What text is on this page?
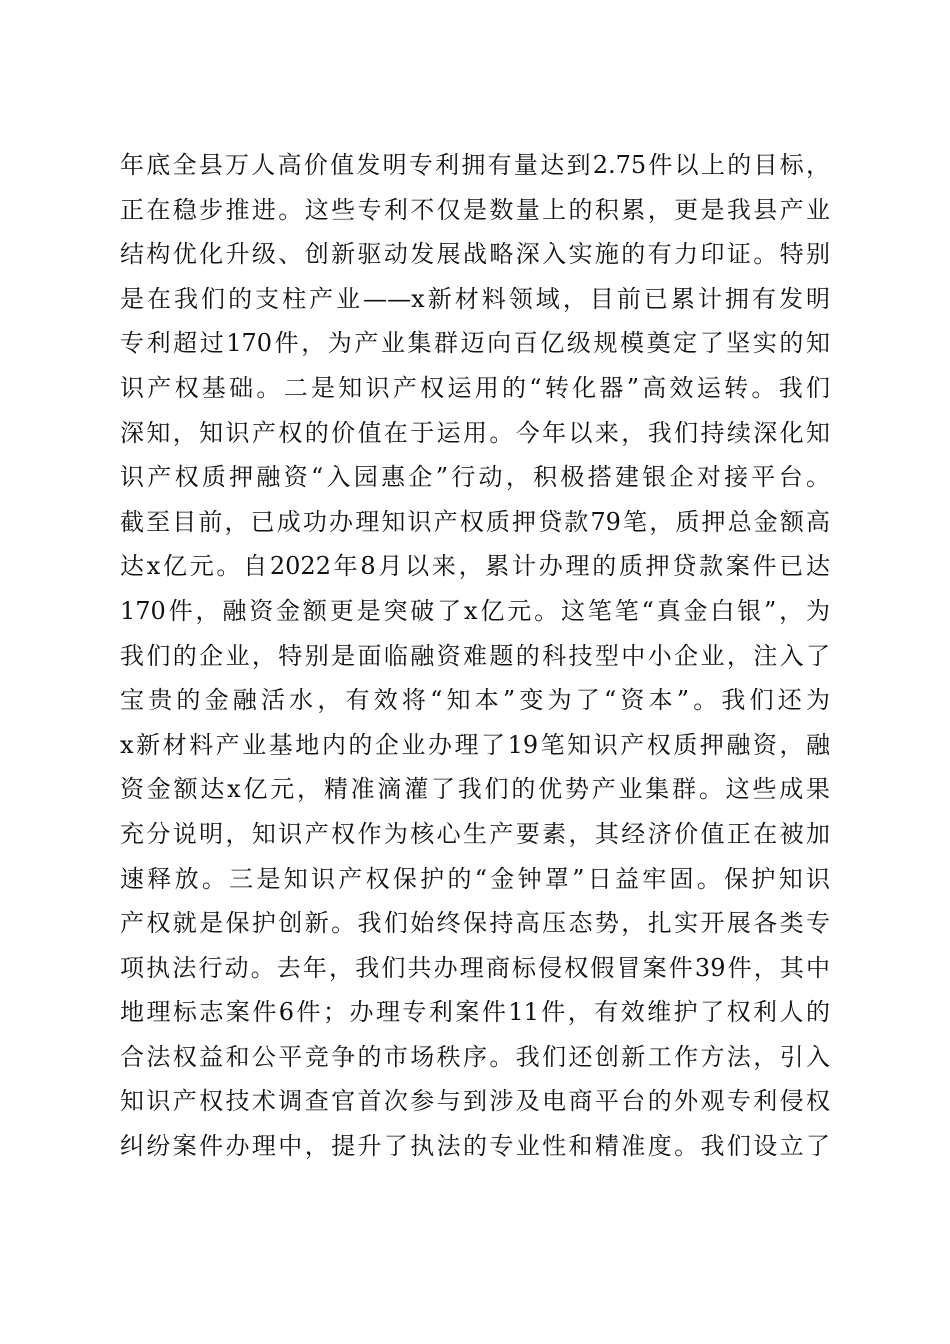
年底全县万人高价值发明专利拥有量达到2.75件以上的目标，
正在稳步推进。这些专利不仅是数量上的积累，更是我县产业
结构优化升级、创新驱动发展战略深入实施的有力印证。特别
是在我们的支柱产业——x新材料领域，目前已累计拥有发明
专利超过170件，为产业集群迈向百亿级规模奠定了坚实的知
识产权基础。二是知识产权运用的“转化器”高效运转。我们
深知，知识产权的价值在于运用。今年以来，我们持续深化知
识产权质押融资“入园惠企”行动，积极搭建银企对接平台。
截至目前，已成功办理知识产权质押贷款79笔，质押总金额高
达x亿元。自2022年8月以来，累计办理的质押贷款案件已达
170件，融资金额更是突破了x亿元。这笔笔“真金白银”，为
我们的企业，特别是面临融资难题的科技型中小企业，注入了
宝贵的金融活水，有效将“知本”变为了“资本”。我们还为
x新材料产业基地内的企业办理了19笔知识产权质押融资，融
资金额达x亿元，精准滴灌了我们的优势产业集群。这些成果
充分说明，知识产权作为核心生产要素，其经济价值正在被加
速释放。三是知识产权保护的“金钟罩”日益牢固。保护知识
产权就是保护创新。我们始终保持高压态势，扎实开展各类专
项执法行动。去年，我们共办理商标侵权假冒案件39件，其中
地理标志案件6件；办理专利案件11件，有效维护了权利人的
合法权益和公平竞争的市场秩序。我们还创新工作方法，引入
知识产权技术调查官首次参与到涉及电商平台的外观专利侵权
纠纷案件办理中，提升了执法的专业性和精准度。我们设立了
